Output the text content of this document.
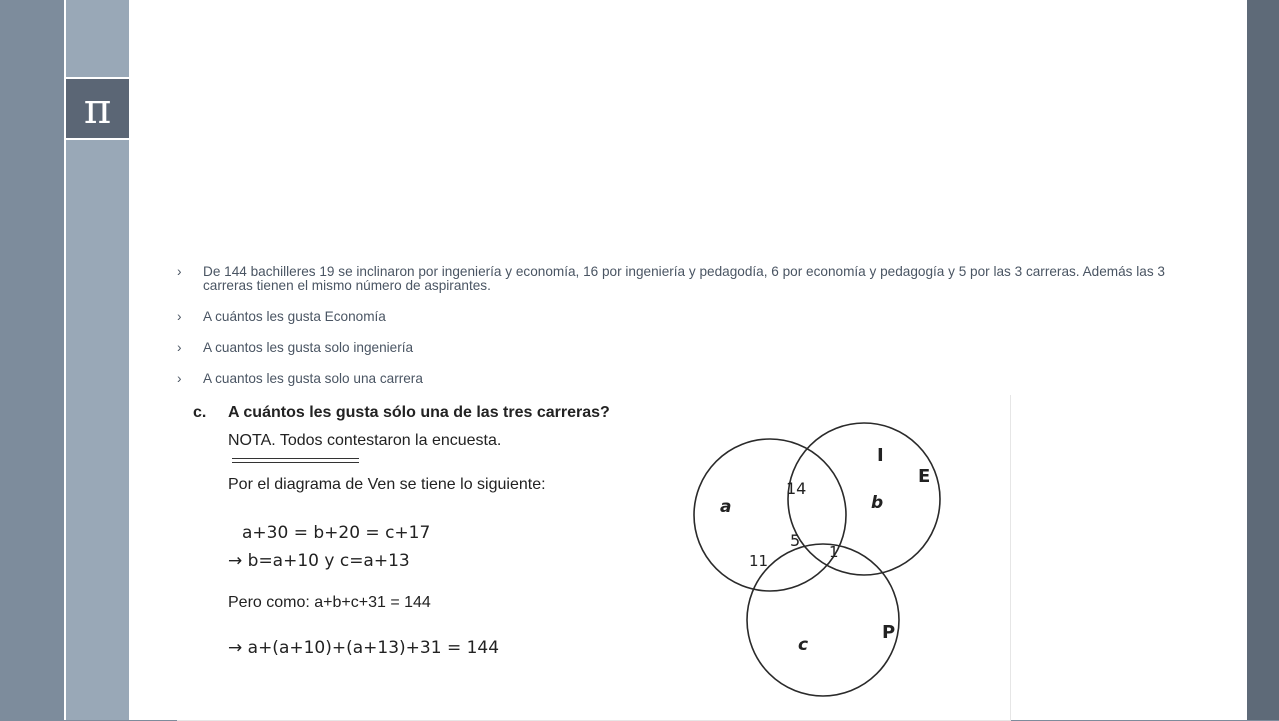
π
› De 144 bachilleres 19 se inclinaron por ingeniería y economía, 16 por ingeniería y pedagodía, 6 por economía y pedagogía y 5 por las 3 carreras. Además las 3 carreras tienen el mismo número de aspirantes.
› A cuántos les gusta Economía
› A cuantos les gusta solo ingeniería
› A cuantos les gusta solo una carrera
c. A cuántos les gusta sólo una de las tres carreras?
NOTA. Todos contestaron la encuesta.
Por el diagrama de Ven se tiene lo siguiente:
a+30 = b+20 = c+17
→ b=a+10 y c=a+13
Pero como: a+b+c+31 = 144
→ a+(a+10)+(a+13)+31 = 144
I
E
P
a	b
c
14
11	1
5
